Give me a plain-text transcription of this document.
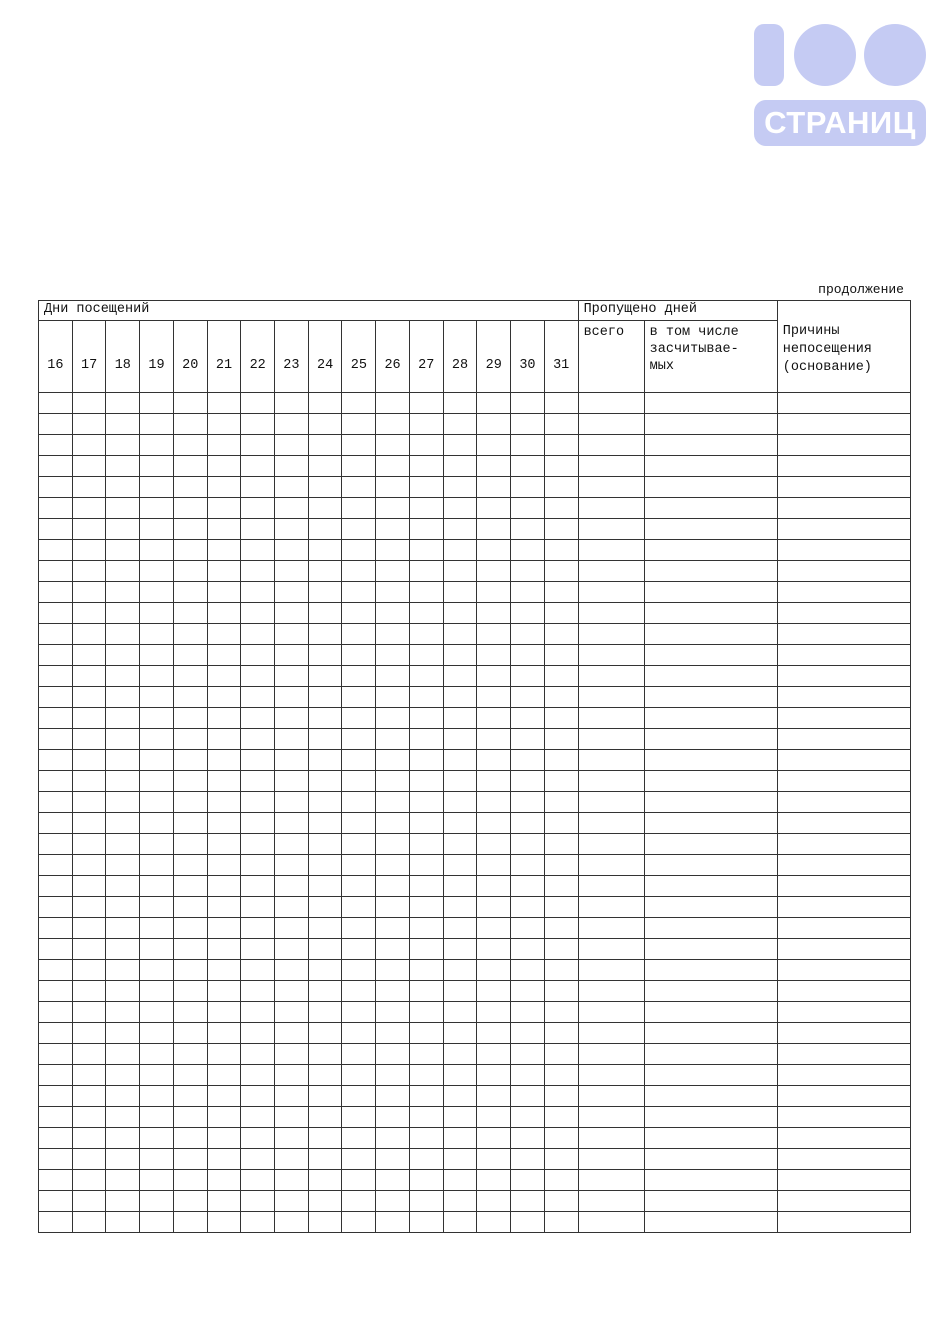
СТРАНИЦ
продолжение
Дни посещений																Пропущено дней		Причины
непосещения
(основание)

16	17	18	19	20	21	22	23	24	25	26	27	28	29	30	31	всего	в том числе
засчитывае-
мых	
